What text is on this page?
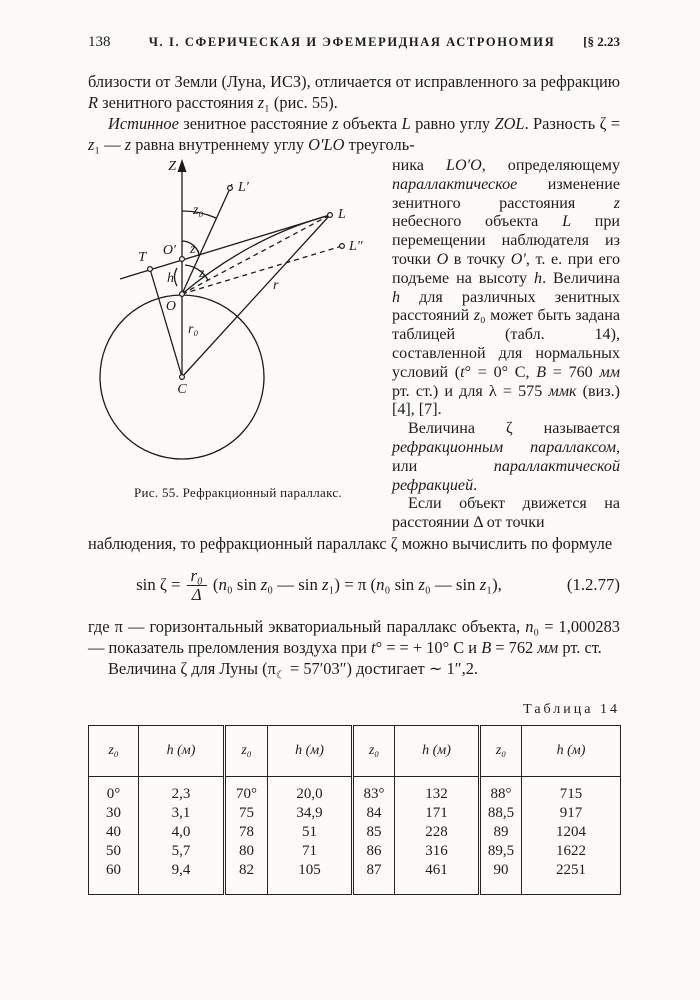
138	Ч. I. СФЕРИЧЕСКАЯ И ЭФЕМЕРИДНАЯ АСТРОНОМИЯ	[§ 2.23

близости от Земли (Луна, ИСЗ), отличается от исправленного за рефракцию R зенитного расстояния z₁ (рис. 55).

Истинное зенитное расстояние z объекта L равно углу ZOL. Разность ζ = z₁ — z равна внутреннему углу O′LO треуголь-

Z
L′
L
L″
T O′
O
C
z₀
z₁
z
h	r
r₀
Рис. 55. Рефракционный параллакс.

ника LO′O, определяющему параллактическое изменение зенитного расстояния z небесного объекта L при перемещении наблюдателя из точки O в точку O′, т. е. при его подъеме на высоту h. Величина h для различных зенитных расстояний z₀ может быть задана таблицей (табл. 14), составленной для нормальных условий (t° = 0° C, B = 760 мм рт. ст.) и для λ = 575 ммк (виз.) [4], [7].

Величина ζ называется рефракционным параллаксом, или параллактической рефракцией.

Если объект движется на расстоянии Δ от точки

наблюдения, то рефракционный параллакс ζ можно вычислить по формуле

$\sin \zeta = \frac{\text{r₀}}{\Delta} (n_0$ sin z₀ — sin z₁) = π (n₀ sin z₀ — sin z₁),	(1.2.77)

где π — горизонтальный экваториальный параллакс объекта, n₀ = 1,000283 — показатель преломления воздуха при t° = = + 10° C и B = 762 мм рт. ст.

Величина ζ для Луны $(\pi_☾ = 57'03'')$ достигает ∼ 1″,2.

Таблица 14
z₀	h (м)	z₀	h (м)	z₀	h (м)	z₀	h (м)
0°	2,3	70°	20,0	83°	132	88°	715
30	3,1	75	34,9	84	171	88,5	917
40	4,0	78	51	85	228	89	1204
50	5,7	80	71	86	316	89,5	1622
60	9,4	82	105	87	461	90	2251
